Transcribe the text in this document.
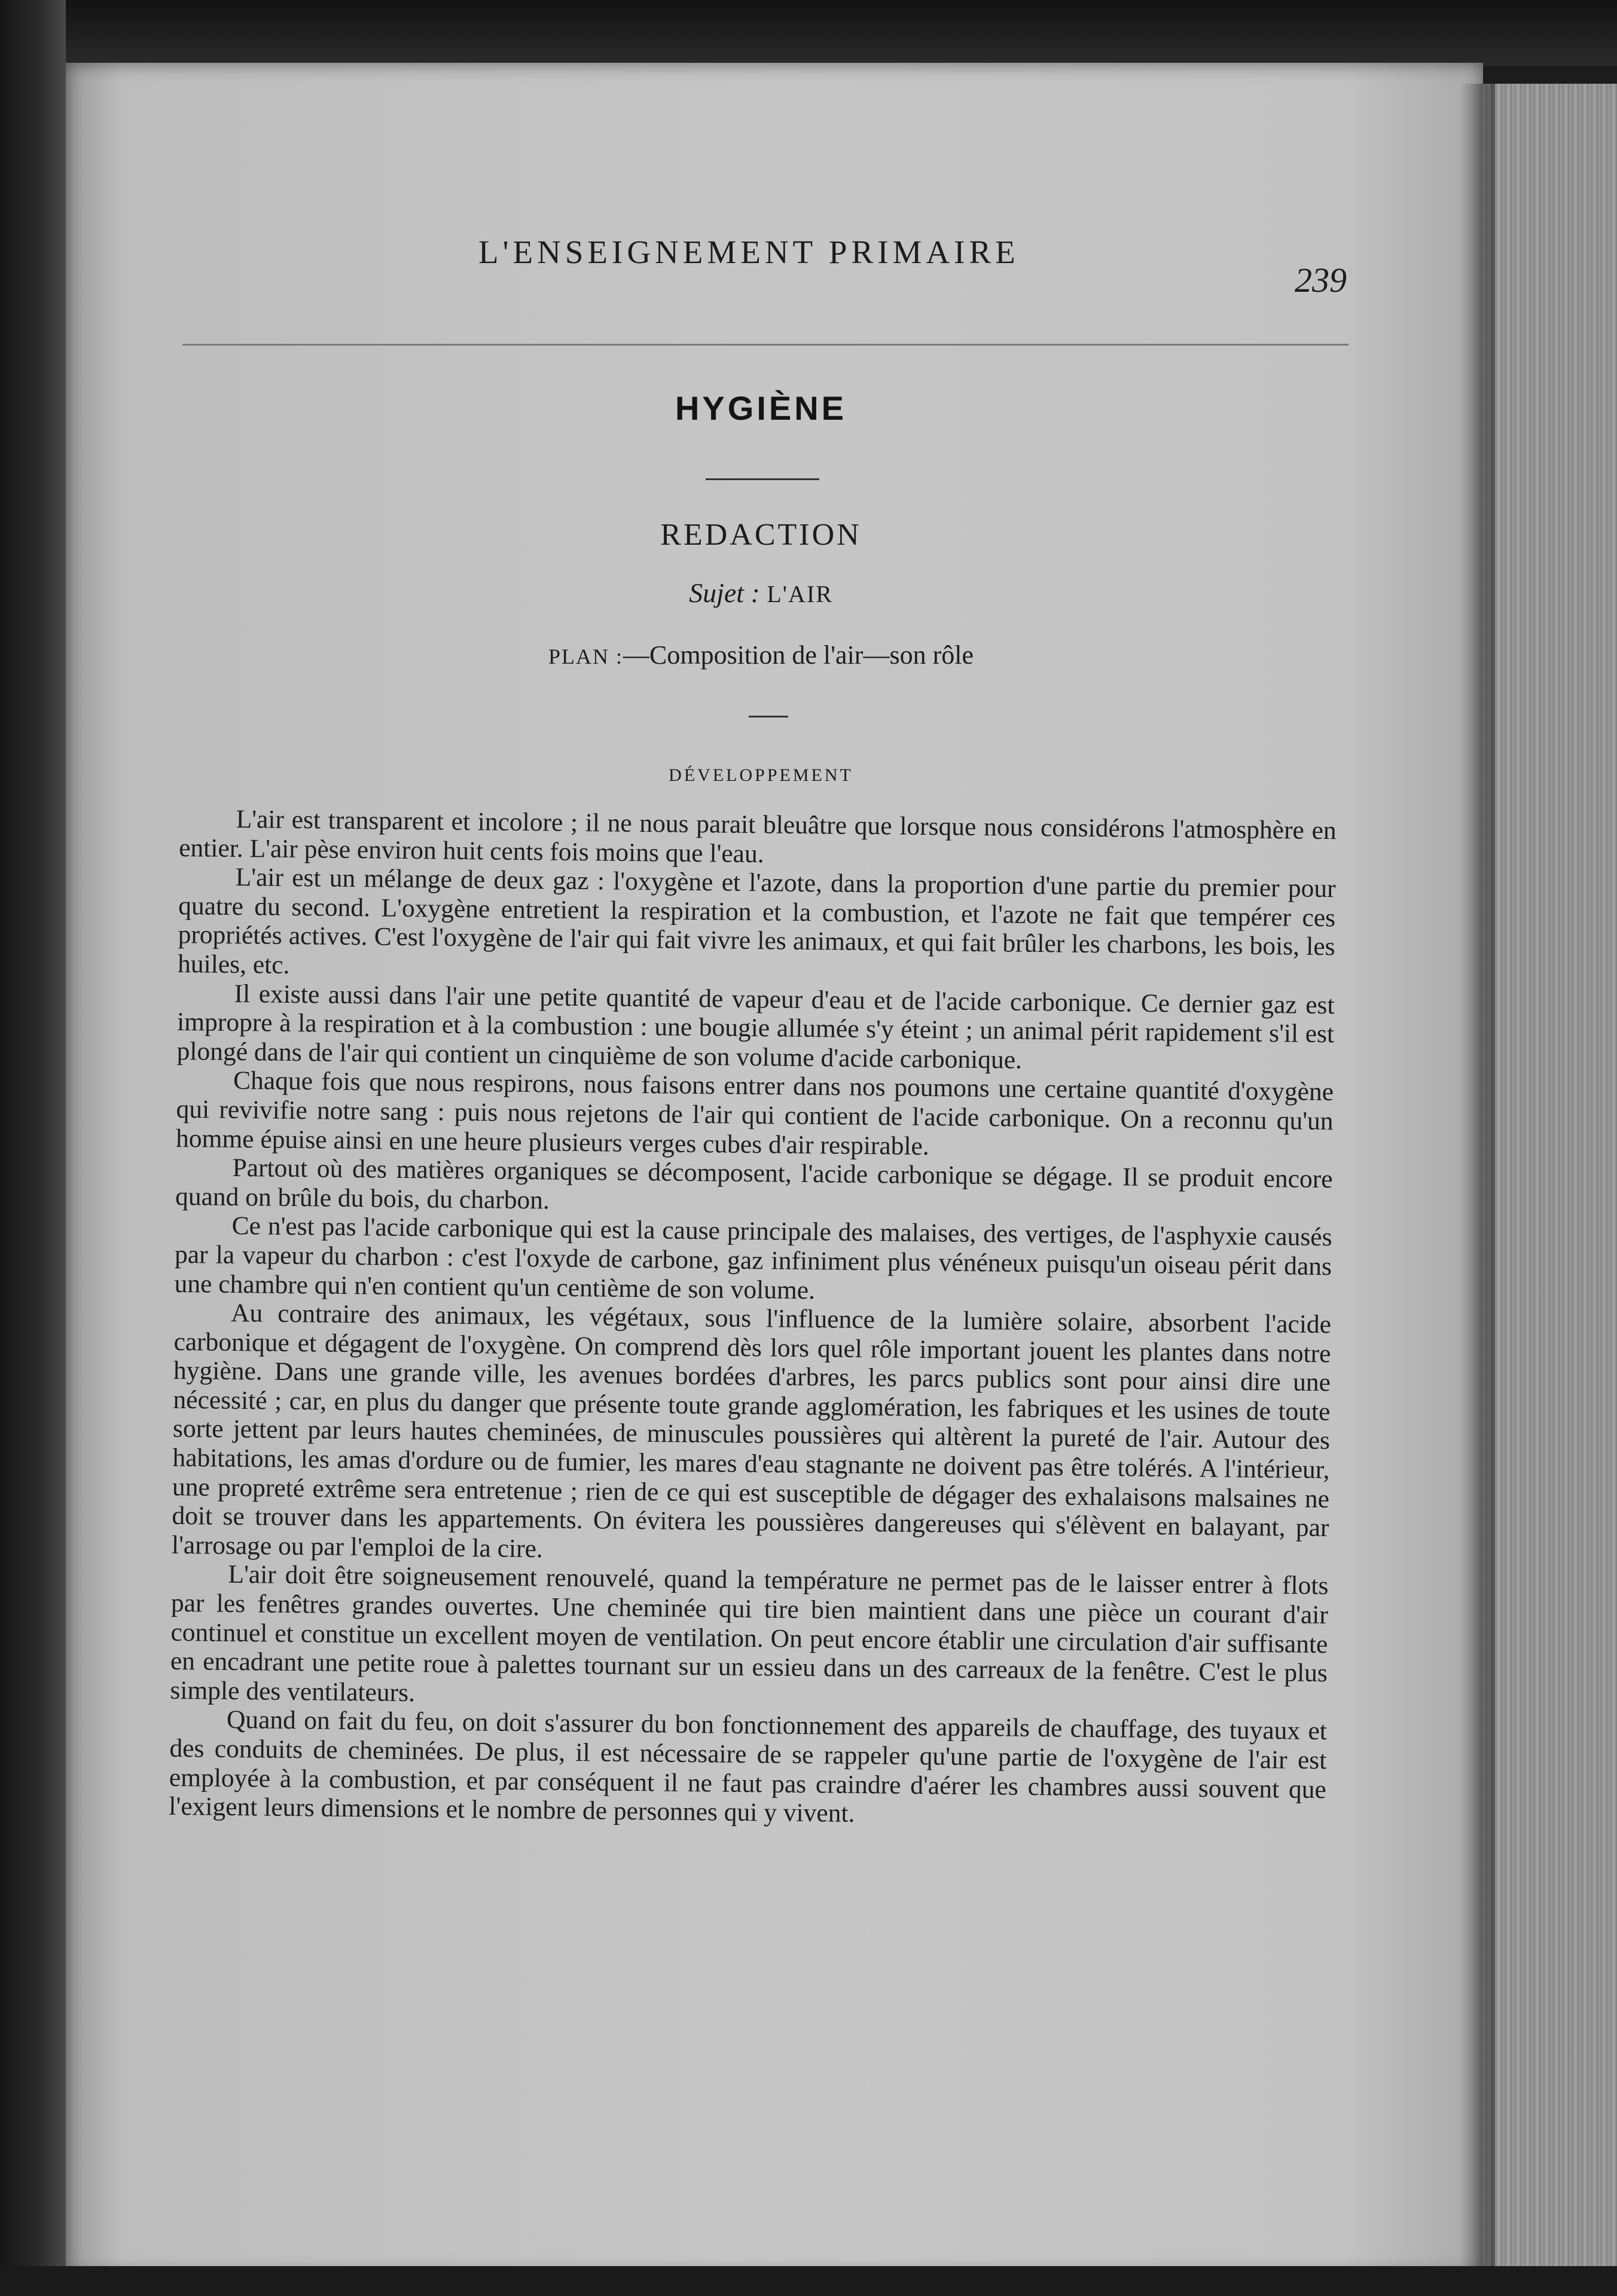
L'ENSEIGNEMENT PRIMAIRE
239
HYGIÈNE
REDACTION
Sujet : L'AIR
PLAN :—Composition de l'air—son rôle
DÉVELOPPEMENT

L'air est transparent et incolore ; il ne nous parait bleuâtre que lorsque nous considérons l'atmosphère en entier. L'air pèse environ huit cents fois moins que l'eau.

L'air est un mélange de deux gaz : l'oxygène et l'azote, dans la proportion d'une partie du premier pour quatre du second. L'oxygène entretient la respiration et la combustion, et l'azote ne fait que tempérer ces propriétés actives. C'est l'oxygène de l'air qui fait vivre les animaux, et qui fait brûler les charbons, les bois, les huiles, etc.

Il existe aussi dans l'air une petite quantité de vapeur d'eau et de l'acide carbonique. Ce dernier gaz est impropre à la respiration et à la combustion : une bougie allumée s'y éteint ; un animal périt rapidement s'il est plongé dans de l'air qui contient un cinquième de son volume d'acide carbonique.

Chaque fois que nous respirons, nous faisons entrer dans nos poumons une certaine quantité d'oxygène qui revivifie notre sang : puis nous rejetons de l'air qui contient de l'acide carbonique. On a reconnu qu'un homme épuise ainsi en une heure plusieurs verges cubes d'air respirable.

Partout où des matières organiques se décomposent, l'acide carbonique se dégage. Il se produit encore quand on brûle du bois, du charbon.

Ce n'est pas l'acide carbonique qui est la cause principale des malaises, des vertiges, de l'asphyxie causés par la vapeur du charbon : c'est l'oxyde de carbone, gaz infiniment plus vénéneux puisqu'un oiseau périt dans une chambre qui n'en contient qu'un centième de son volume.

Au contraire des animaux, les végétaux, sous l'influence de la lumière solaire, absorbent l'acide carbonique et dégagent de l'oxygène. On comprend dès lors quel rôle important jouent les plantes dans notre hygiène. Dans une grande ville, les avenues bordées d'arbres, les parcs publics sont pour ainsi dire une nécessité ; car, en plus du danger que présente toute grande agglomération, les fabriques et les usines de toute sorte jettent par leurs hautes cheminées, de minuscules poussières qui altèrent la pureté de l'air. Autour des habitations, les amas d'ordure ou de fumier, les mares d'eau stagnante ne doivent pas être tolérés. A l'intérieur, une propreté extrême sera entretenue ; rien de ce qui est susceptible de dégager des exhalaisons malsaines ne doit se trouver dans les appartements. On évitera les poussières dangereuses qui s'élèvent en balayant, par l'arrosage ou par l'emploi de la cire.

L'air doit être soigneusement renouvelé, quand la température ne permet pas de le laisser entrer à flots par les fenêtres grandes ouvertes. Une cheminée qui tire bien maintient dans une pièce un courant d'air continuel et constitue un excellent moyen de ventilation. On peut encore établir une circulation d'air suffisante en encadrant une petite roue à palettes tournant sur un essieu dans un des carreaux de la fenêtre. C'est le plus simple des ventilateurs.

Quand on fait du feu, on doit s'assurer du bon fonctionnement des appareils de chauffage, des tuyaux et des conduits de cheminées. De plus, il est nécessaire de se rappeler qu'une partie de l'oxygène de l'air est employée à la combustion, et par conséquent il ne faut pas craindre d'aérer les chambres aussi souvent que l'exigent leurs dimensions et le nombre de personnes qui y vivent.
